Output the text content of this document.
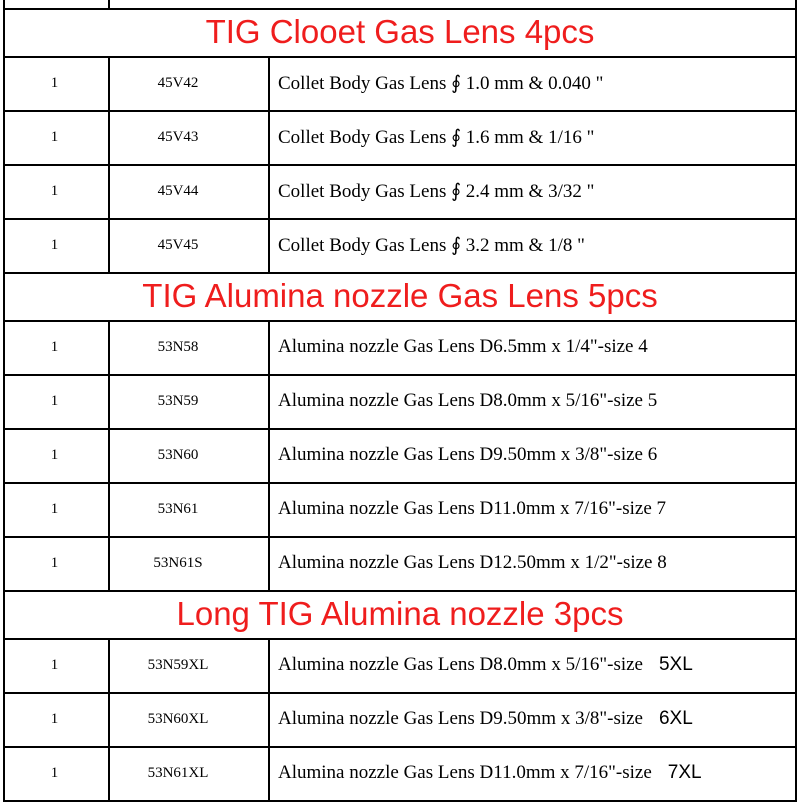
TIG Clooet Gas Lens 4pcs
1	45V42	Collet Body Gas Lens ∮ 1.0 mm & 0.040 "
1	45V43	Collet Body Gas Lens ∮ 1.6 mm & 1/16 "
1	45V44	Collet Body Gas Lens ∮ 2.4 mm & 3/32 "
1	45V45	Collet Body Gas Lens ∮ 3.2 mm & 1/8 "
TIG Alumina nozzle Gas Lens 5pcs
1	53N58	Alumina nozzle Gas Lens D6.5mm x 1/4"-size 4
1	53N59	Alumina nozzle Gas Lens D8.0mm x 5/16"-size 5
1	53N60	Alumina nozzle Gas Lens D9.50mm x 3/8"-size 6
1	53N61	Alumina nozzle Gas Lens D11.0mm x 7/16"-size 7
1	53N61S	Alumina nozzle Gas Lens D12.50mm x 1/2"-size 8
Long TIG Alumina nozzle 3pcs
1	53N59XL	Alumina nozzle Gas Lens D8.0mm x 5/16"-size 5XL
1	53N60XL	Alumina nozzle Gas Lens D9.50mm x 3/8"-size 6XL
1	53N61XL	Alumina nozzle Gas Lens D11.0mm x 7/16"-size 7XL
